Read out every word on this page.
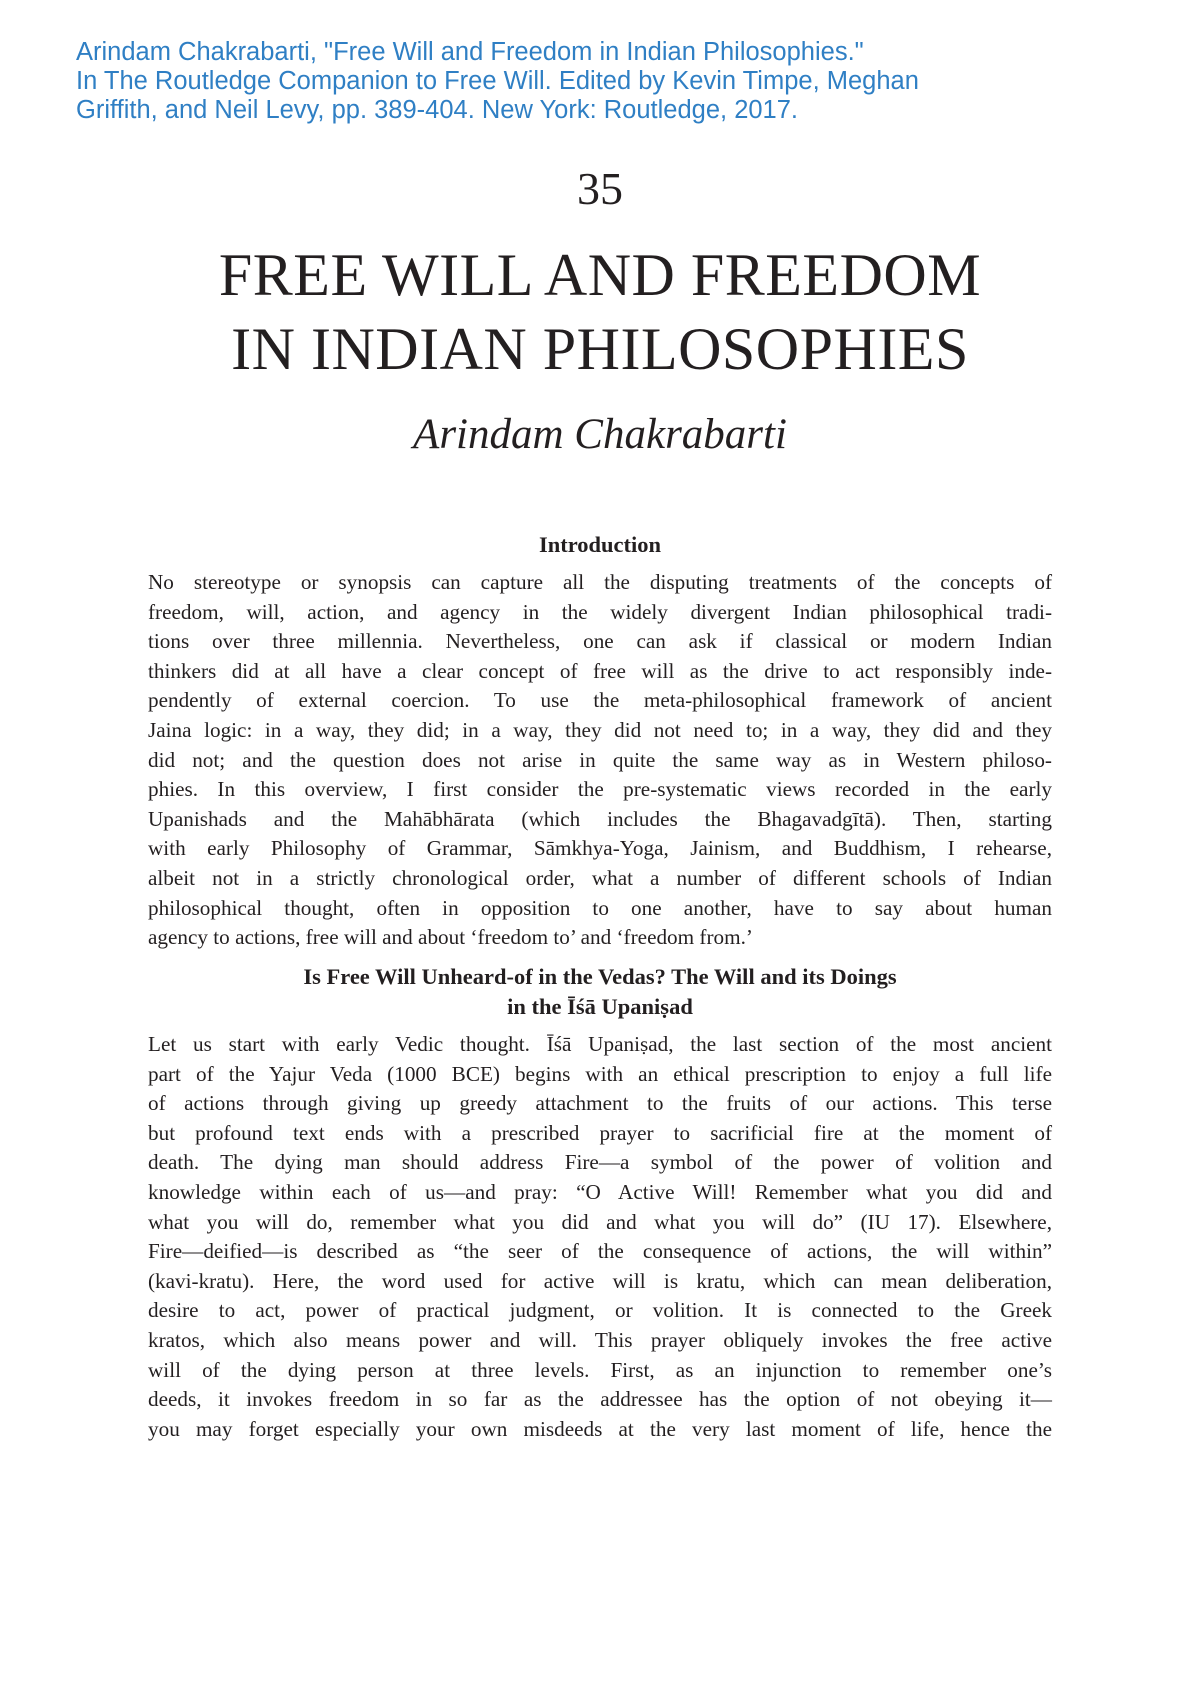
Arindam Chakrabarti, "Free Will and Freedom in Indian Philosophies."
In The Routledge Companion to Free Will. Edited by Kevin Timpe, Meghan
Griffith, and Neil Levy, pp. 389-404. New York: Routledge, 2017.
35
FREE WILL AND FREEDOM
IN INDIAN PHILOSOPHIES
Arindam Chakrabarti
Introduction
No stereotype or synopsis can capture all the disputing treatments of the concepts of
freedom, will, action, and agency in the widely divergent Indian philosophical tradi-
tions over three millennia. Nevertheless, one can ask if classical or modern Indian
thinkers did at all have a clear concept of free will as the drive to act responsibly inde-
pendently of external coercion. To use the meta-philosophical framework of ancient
Jaina logic: in a way, they did; in a way, they did not need to; in a way, they did and they
did not; and the question does not arise in quite the same way as in Western philoso-
phies. In this overview, I first consider the pre-systematic views recorded in the early
Upanishads and the Mahābhārata (which includes the Bhagavadgītā). Then, starting
with early Philosophy of Grammar, Sāmkhya-Yoga, Jainism, and Buddhism, I rehearse,
albeit not in a strictly chronological order, what a number of different schools of Indian
philosophical thought, often in opposition to one another, have to say about human
agency to actions, free will and about ‘freedom to’ and ‘freedom from.’
Is Free Will Unheard-of in the Vedas? The Will and its Doings
in the Īśā Upaniṣad
Let us start with early Vedic thought. Īśā Upaniṣad, the last section of the most ancient
part of the Yajur Veda (1000 BCE) begins with an ethical prescription to enjoy a full life
of actions through giving up greedy attachment to the fruits of our actions. This terse
but profound text ends with a prescribed prayer to sacrificial fire at the moment of
death. The dying man should address Fire—a symbol of the power of volition and
knowledge within each of us—and pray: “O Active Will! Remember what you did and
what you will do, remember what you did and what you will do” (IU 17). Elsewhere,
Fire—deified—is described as “the seer of the consequence of actions, the will within”
(kavi-kratu). Here, the word used for active will is kratu, which can mean deliberation,
desire to act, power of practical judgment, or volition. It is connected to the Greek
kratos, which also means power and will. This prayer obliquely invokes the free active
will of the dying person at three levels. First, as an injunction to remember one’s
deeds, it invokes freedom in so far as the addressee has the option of not obeying it—
you may forget especially your own misdeeds at the very last moment of life, hence the
